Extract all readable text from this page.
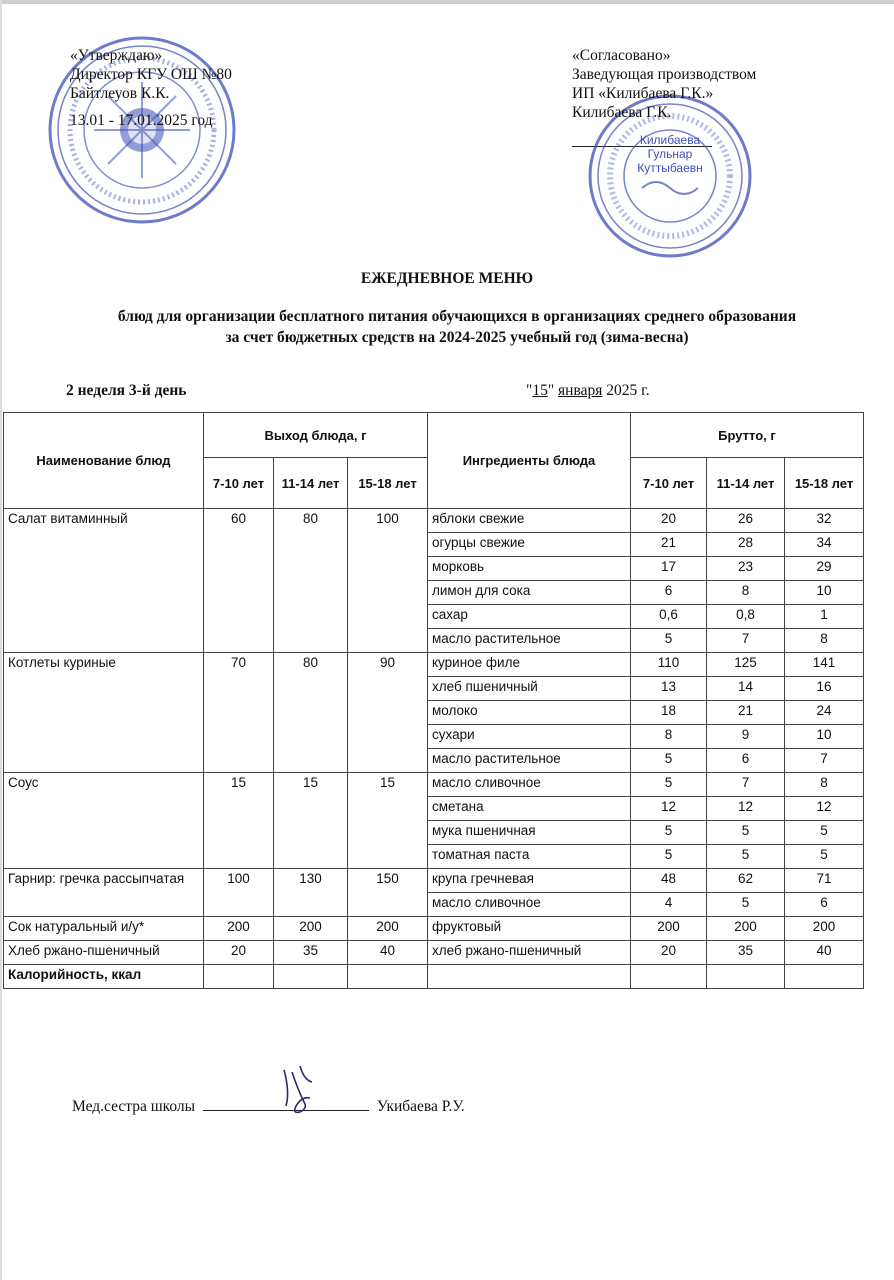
Килибаева
Гульнар
Куттыбаевн
«Утверждаю»
Директор КГУ ОШ №80
Байтлеуов К.К.
13.01 - 17.01.2025 год
«Согласовано»
Заведующая производством
ИП «Килибаева Г.К.»
Килибаева Г.К.
ЕЖЕДНЕВНОЕ МЕНЮ
блюд для организации бесплатного питания обучающихся в организациях среднего образования за счет бюджетных средств на 2024-2025 учебный год (зима-весна)
2 неделя 3-й день	"15" января 2025 г.
Наименование блюд	Выход блюда, г			Ингредиенты блюда	Брутто, г		
	7-10 лет	11-14 лет	15-18 лет		7-10 лет	11-14 лет	15-18 лет
Салат витаминный	60	80	100	яблоки свежие	20	26	32
				огурцы свежие	21	28	34
				морковь	17	23	29
				лимон для сока	6	8	10
				сахар	0,6	0,8	1
				масло растительное	5	7	8
Котлеты куриные	70	80	90	куриное филе	110	125	141
				хлеб пшеничный	13	14	16
				молоко	18	21	24
				сухари	8	9	10
				масло растительное	5	6	7
Соус	15	15	15	масло сливочное	5	7	8
				сметана	12	12	12
				мука пшеничная	5	5	5
				томатная паста	5	5	5
Гарнир: гречка рассыпчатая	100	130	150	крупа гречневая	48	62	71
				масло сливочное	4	5	6
Сок натуральный и/у*	200	200	200	фруктовый	200	200	200
Хлеб ржано-пшеничный	20	35	40	хлеб ржано-пшеничный	20	35	40
Калорийность, ккал							
Мед.сестра школы	Укибаева Р.У.
